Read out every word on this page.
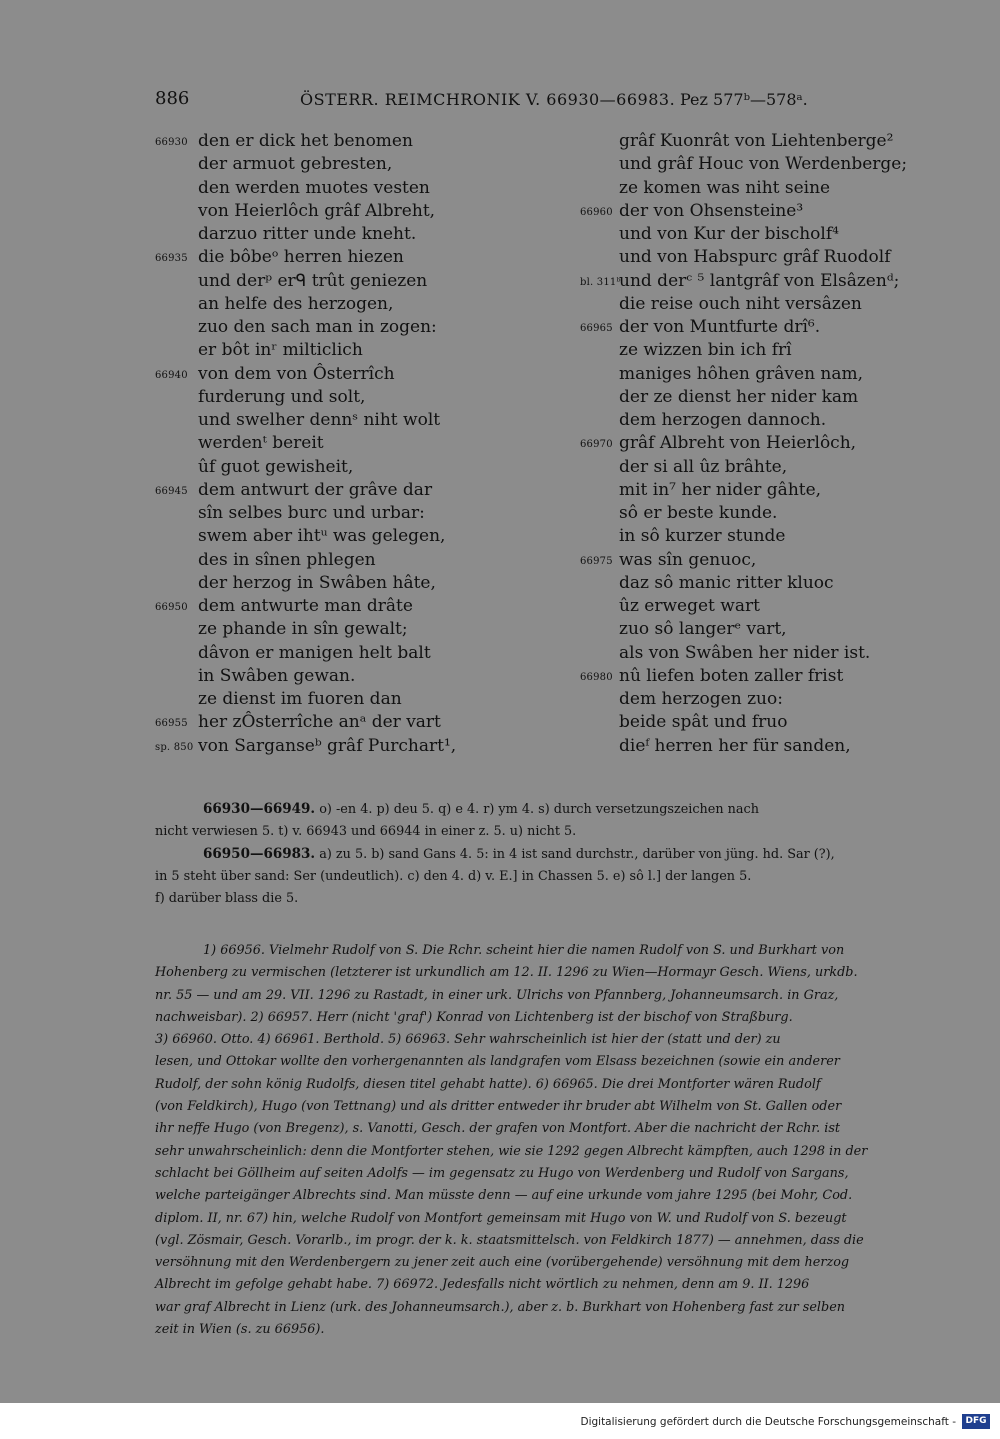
886	ÖSTERR. REIMCHRONIK V. 66930—66983. Pez 577ᵇ—578ᵃ.
66930 den er dick het benomen
der armuot gebresten,
den werden muotes vesten
von Heierlôch grâf Albreht,
darzuo ritter unde kneht.
66935 die bôbeᵒ herren hiezen
und derᵖ erᑫ trût geniezen
an helfe des herzogen,
zuo den sach man in zogen:
er bôt inʳ milticlich
66940 von dem von Ôsterrîch
furderung und solt,
und swelher dennˢ niht wolt
werdenᵗ bereit
ûf guot gewisheit,
66945 dem antwurt der grâve dar
sîn selbes burc und urbar:
swem aber ihtᵘ was gelegen,
des in sînen phlegen
der herzog in Swâben hâte,
66950 dem antwurte man drâte
ze phande in sîn gewalt;
dâvon er manigen helt balt
in Swâben gewan.
ze dienst im fuoren dan
66955 her zÔsterrîche anᵃ der vart
sp. 850 von Sarganseᵇ grâf Purchart¹,
grâf Kuonrât von Liehtenberge²
und grâf Houc von Werdenberge;
ze komen was niht seine
66960 der von Ohsensteine³
und von Kur der bischolf⁴
und von Habspurc grâf Ruodolf
bl. 311ᵇ
und derᶜ ⁵ lantgrâf von Elsâzenᵈ;
die reise ouch niht versâzen
66965 der von Muntfurte drî⁶.
ze wizzen bin ich frî
maniges hôhen grâven nam,
der ze dienst her nider kam
dem herzogen dannoch.
66970 grâf Albreht von Heierlôch,
der si all ûz brâhte,
mit in⁷ her nider gâhte,
sô er beste kunde.
in sô kurzer stunde
66975 was sîn genuoc,
daz sô manic ritter kluoc
ûz erweget wart
zuo sô langerᵉ vart,
als von Swâben her nider ist.
66980 nû liefen boten zaller frist
dem herzogen zuo:
beide spât und fruo
dieᶠ herren her für sanden,
66930—66949. o) -en 4. p) deu 5. q) e 4. r) ym 4. s) durch versetzungszeichen nach
nicht verwiesen 5. t) v. 66943 und 66944 in einer z. 5. u) nicht 5.
66950—66983. a) zu 5. b) sand Gans 4. 5: in 4 ist sand durchstr., darüber von jüng. hd. Sar (?),
in 5 steht über sand: Ser (undeutlich). c) den 4. d) v. E.] in Chassen 5. e) sô l.] der langen 5.
f) darüber blass die 5.
1) 66956. Vielmehr Rudolf von S. Die Rchr. scheint hier die namen Rudolf von S. und Burkhart von
Hohenberg zu vermischen (letzterer ist urkundlich am 12. II. 1296 zu Wien—Hormayr Gesch. Wiens, urkdb.
nr. 55 — und am 29. VII. 1296 zu Rastadt, in einer urk. Ulrichs von Pfannberg, Johanneumsarch. in Graz,
nachweisbar). 2) 66957. Herr (nicht 'graf') Konrad von Lichtenberg ist der bischof von Straßburg.
3) 66960. Otto. 4) 66961. Berthold. 5) 66963. Sehr wahrscheinlich ist hier der (statt und der) zu
lesen, und Ottokar wollte den vorhergenannten als landgrafen vom Elsass bezeichnen (sowie ein anderer
Rudolf, der sohn könig Rudolfs, diesen titel gehabt hatte). 6) 66965. Die drei Montforter wären Rudolf
(von Feldkirch), Hugo (von Tettnang) und als dritter entweder ihr bruder abt Wilhelm von St. Gallen oder
ihr neffe Hugo (von Bregenz), s. Vanotti, Gesch. der grafen von Montfort. Aber die nachricht der Rchr. ist
sehr unwahrscheinlich: denn die Montforter stehen, wie sie 1292 gegen Albrecht kämpften, auch 1298 in der
schlacht bei Göllheim auf seiten Adolfs — im gegensatz zu Hugo von Werdenberg und Rudolf von Sargans,
welche parteigänger Albrechts sind. Man müsste denn — auf eine urkunde vom jahre 1295 (bei Mohr, Cod.
diplom. II, nr. 67) hin, welche Rudolf von Montfort gemeinsam mit Hugo von W. und Rudolf von S. bezeugt
(vgl. Zösmair, Gesch. Vorarlb., im progr. der k. k. staatsmittelsch. von Feldkirch 1877) — annehmen, dass die
versöhnung mit den Werdenbergern zu jener zeit auch eine (vorübergehende) versöhnung mit dem herzog
Albrecht im gefolge gehabt habe. 7) 66972. Jedesfalls nicht wörtlich zu nehmen, denn am 9. II. 1296
war graf Albrecht in Lienz (urk. des Johanneumsarch.), aber z. b. Burkhart von Hohenberg fast zur selben
zeit in Wien (s. zu 66956).
Digitalisierung gefördert durch die Deutsche Forschungsgemeinschaft -	DFG
